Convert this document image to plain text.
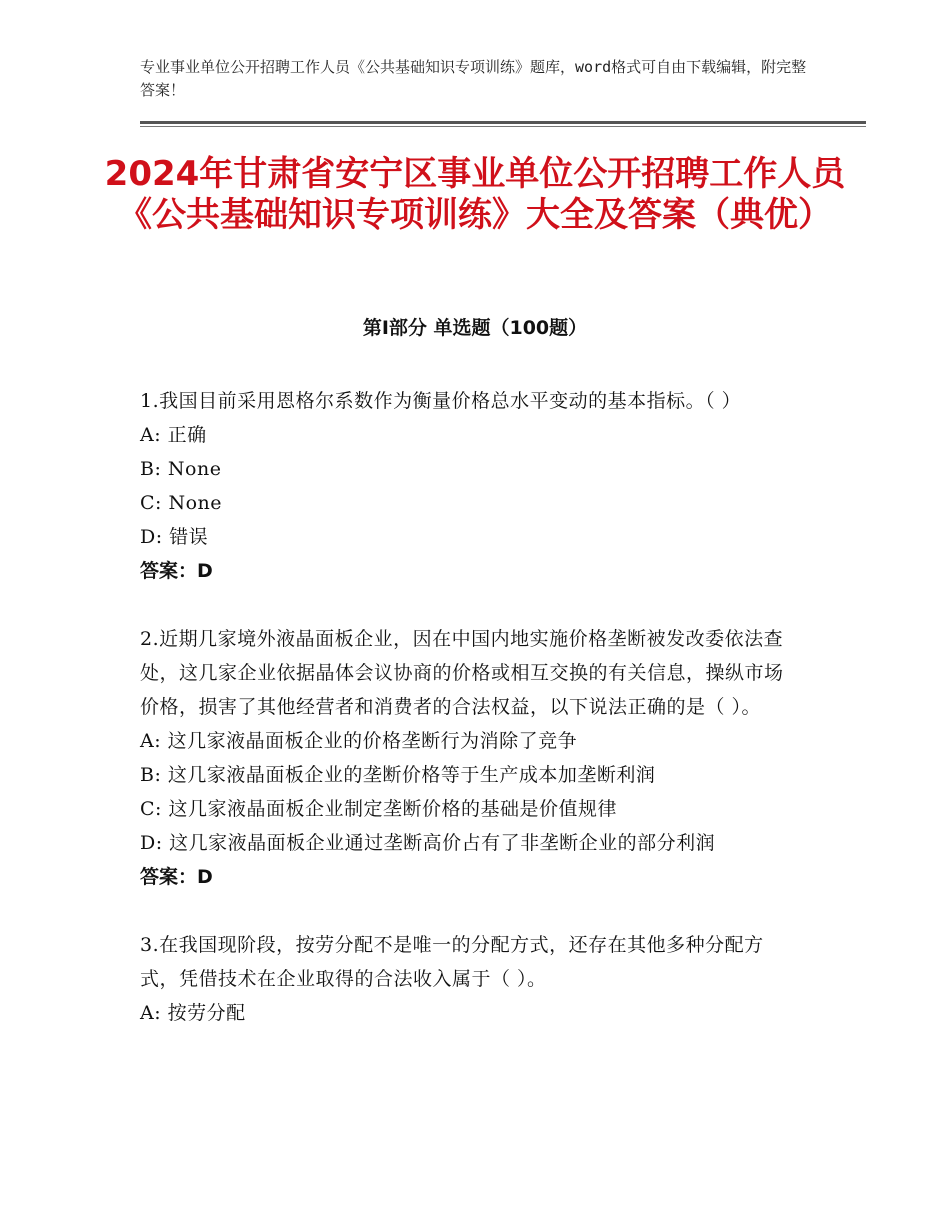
专业事业单位公开招聘工作人员《公共基础知识专项训练》题库，word格式可自由下载编辑，附完整答案！
2024年甘肃省安宁区事业单位公开招聘工作人员《公共基础知识专项训练》大全及答案（典优）
第Ⅰ部分 单选题（100题）
1.我国目前采用恩格尔系数作为衡量价格总水平变动的基本指标。（ ）
A: 正确
B: None
C: None
D: 错误
答案：D
2.近期几家境外液晶面板企业，因在中国内地实施价格垄断被发改委依法查处，这几家企业依据晶体会议协商的价格或相互交换的有关信息，操纵市场价格，损害了其他经营者和消费者的合法权益，以下说法正确的是（ ）。
A: 这几家液晶面板企业的价格垄断行为消除了竞争
B: 这几家液晶面板企业的垄断价格等于生产成本加垄断利润
C: 这几家液晶面板企业制定垄断价格的基础是价值规律
D: 这几家液晶面板企业通过垄断高价占有了非垄断企业的部分利润
答案：D
3.在我国现阶段，按劳分配不是唯一的分配方式，还存在其他多种分配方式，凭借技术在企业取得的合法收入属于（ ）。
A: 按劳分配
